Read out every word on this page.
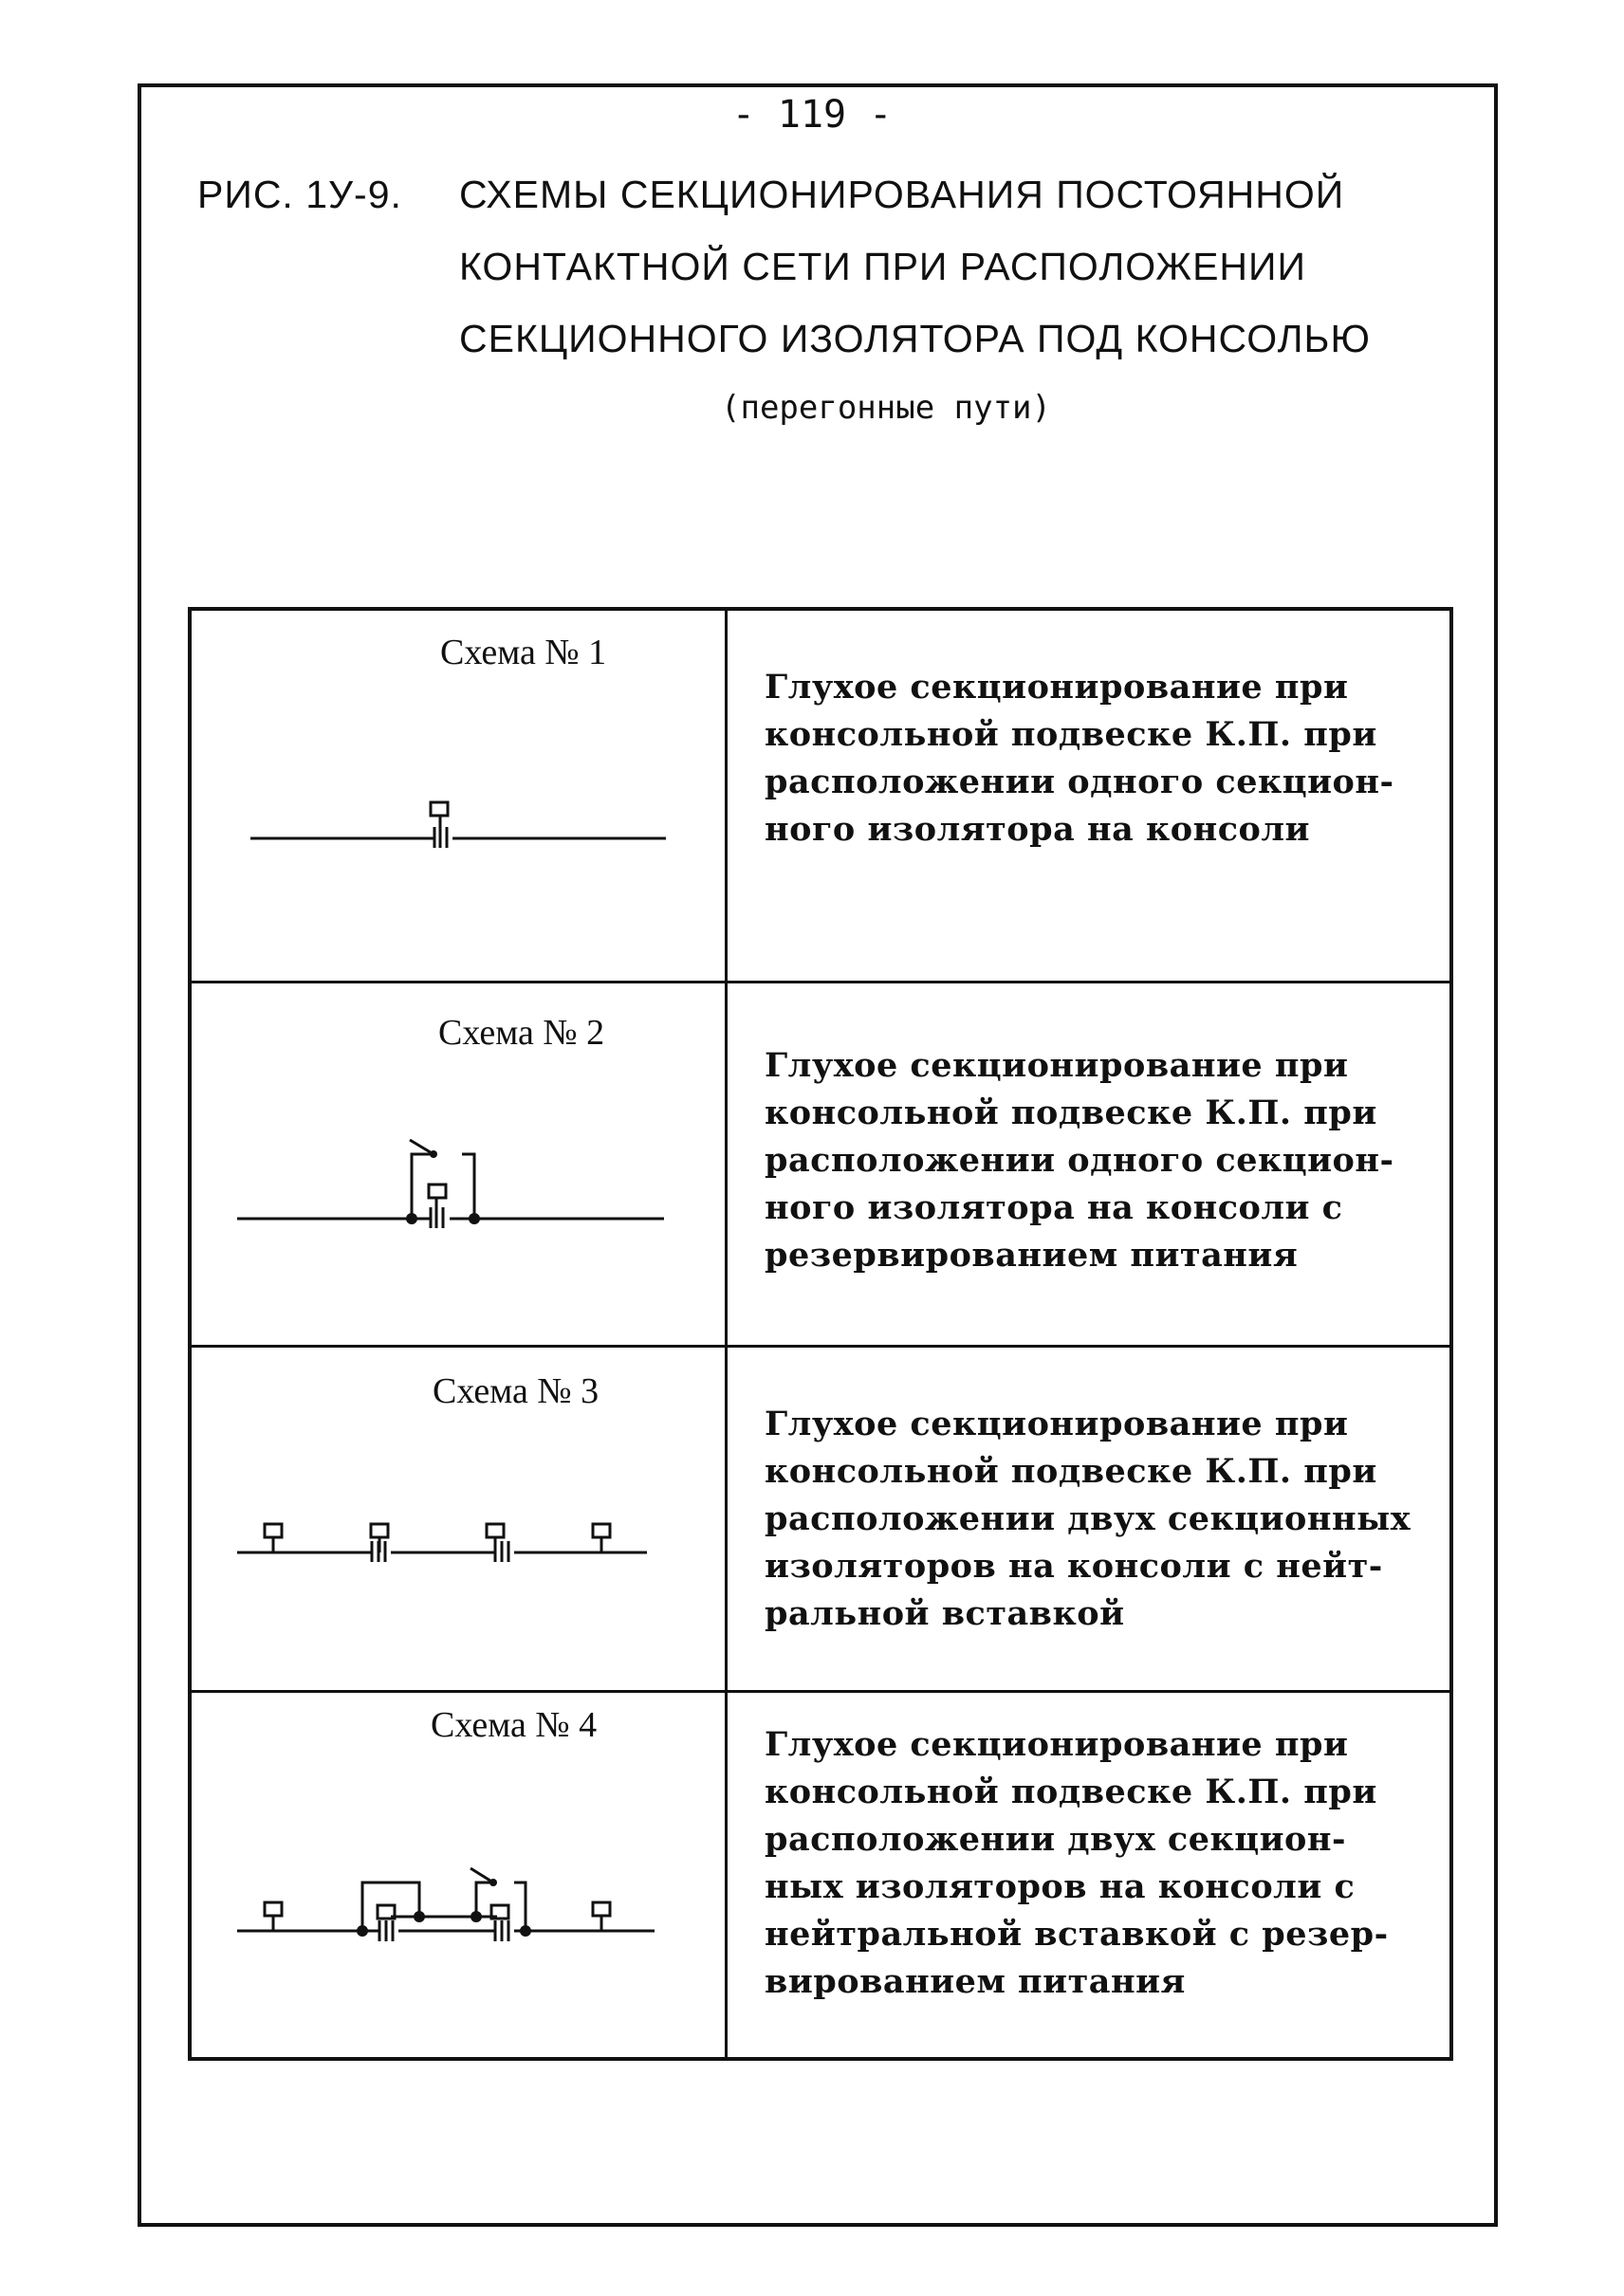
- 119 -
РИС. 1У-9. СХЕМЫ СЕКЦИОНИРОВАНИЯ ПОСТОЯННОЙ
КОНТАКТНОЙ СЕТИ ПРИ РАСПОЛОЖЕНИИ
СЕКЦИОННОГО ИЗОЛЯТОРА ПОД КОНСОЛЬЮ
(перегонные пути)
Схема № 1
Глухое секционирование при
консольной подвеске К.П. при
расположении одного секцион-
ного изолятора на консоли
Схема № 2
Глухое секционирование при
консольной подвеске К.П. при
расположении одного секцион-
ного изолятора на консоли с
резервированием питания
Схема № 3
Глухое секционирование при
консольной подвеске К.П. при
расположении двух секционных
изоляторов на консоли с нейт-
ральной вставкой
Схема № 4	Глухое секционирование при
консольной подвеске К.П. при
расположении двух секцион-
ных изоляторов на консоли с
нейтральной вставкой с резер-
вированием питания
